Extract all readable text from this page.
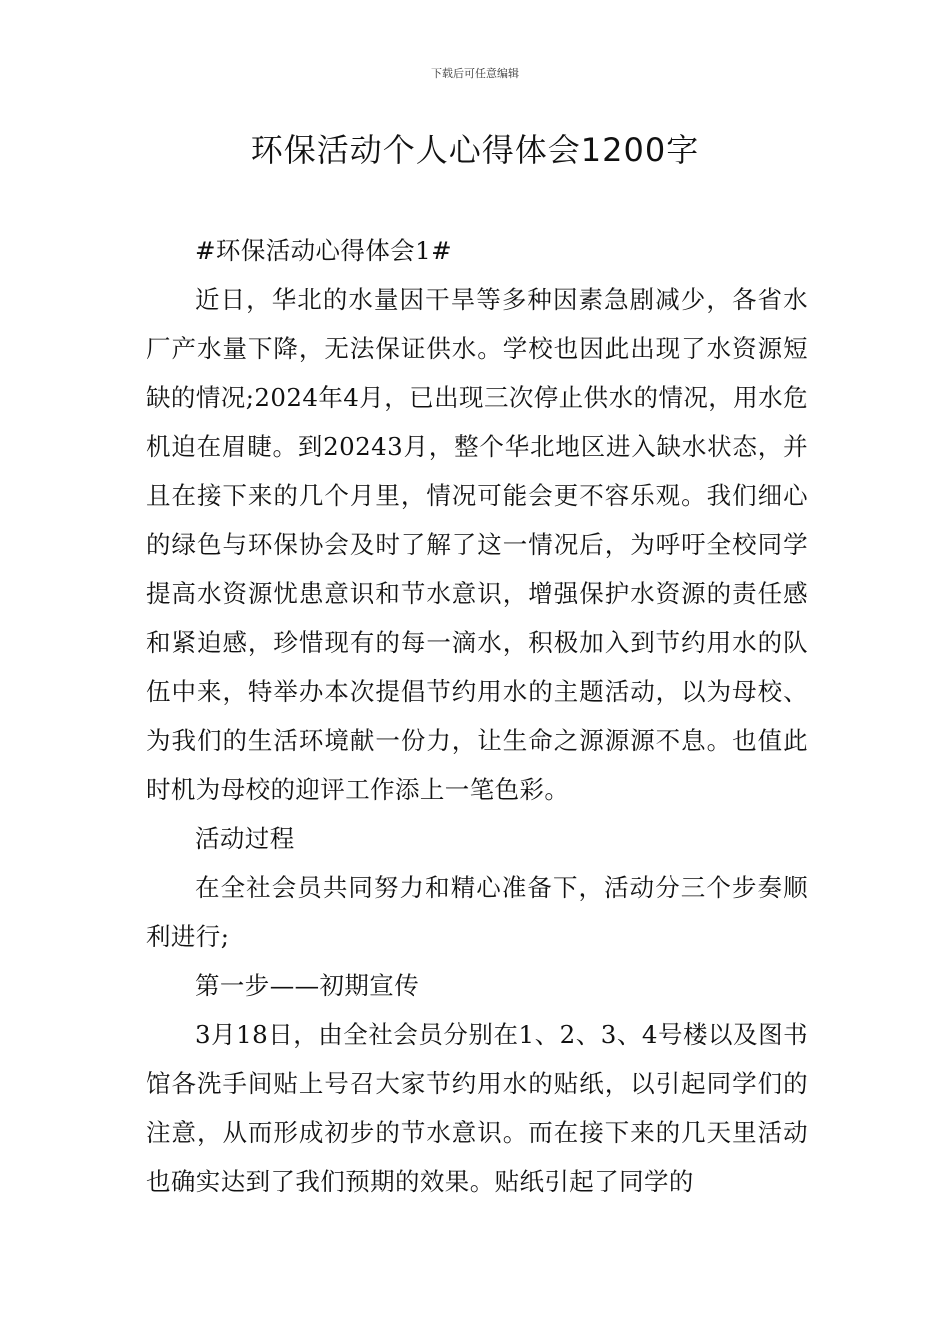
下载后可任意编辑
环保活动个人心得体会1200字

#环保活动心得体会1#

近日，华北的水量因干旱等多种因素急剧减少，各省水厂产水量下降，无法保证供水。学校也因此出现了水资源短缺的情况;2024年4月，已出现三次停止供水的情况，用水危机迫在眉睫。到20243月，整个华北地区进入缺水状态，并且在接下来的几个月里，情况可能会更不容乐观。我们细心的绿色与环保协会及时了解了这一情况后，为呼吁全校同学提高水资源忧患意识和节水意识，增强保护水资源的责任感和紧迫感，珍惜现有的每一滴水，积极加入到节约用水的队伍中来，特举办本次提倡节约用水的主题活动，以为母校、为我们的生活环境献一份力，让生命之源源源不息。也值此时机为母校的迎评工作添上一笔色彩。

活动过程

在全社会员共同努力和精心准备下，活动分三个步奏顺利进行;

第一步——初期宣传

3月18日，由全社会员分别在1、2、3、4号楼以及图书馆各洗手间贴上号召大家节约用水的贴纸，以引起同学们的注意，从而形成初步的节水意识。而在接下来的几天里活动也确实达到了我们预期的效果。贴纸引起了同学的
